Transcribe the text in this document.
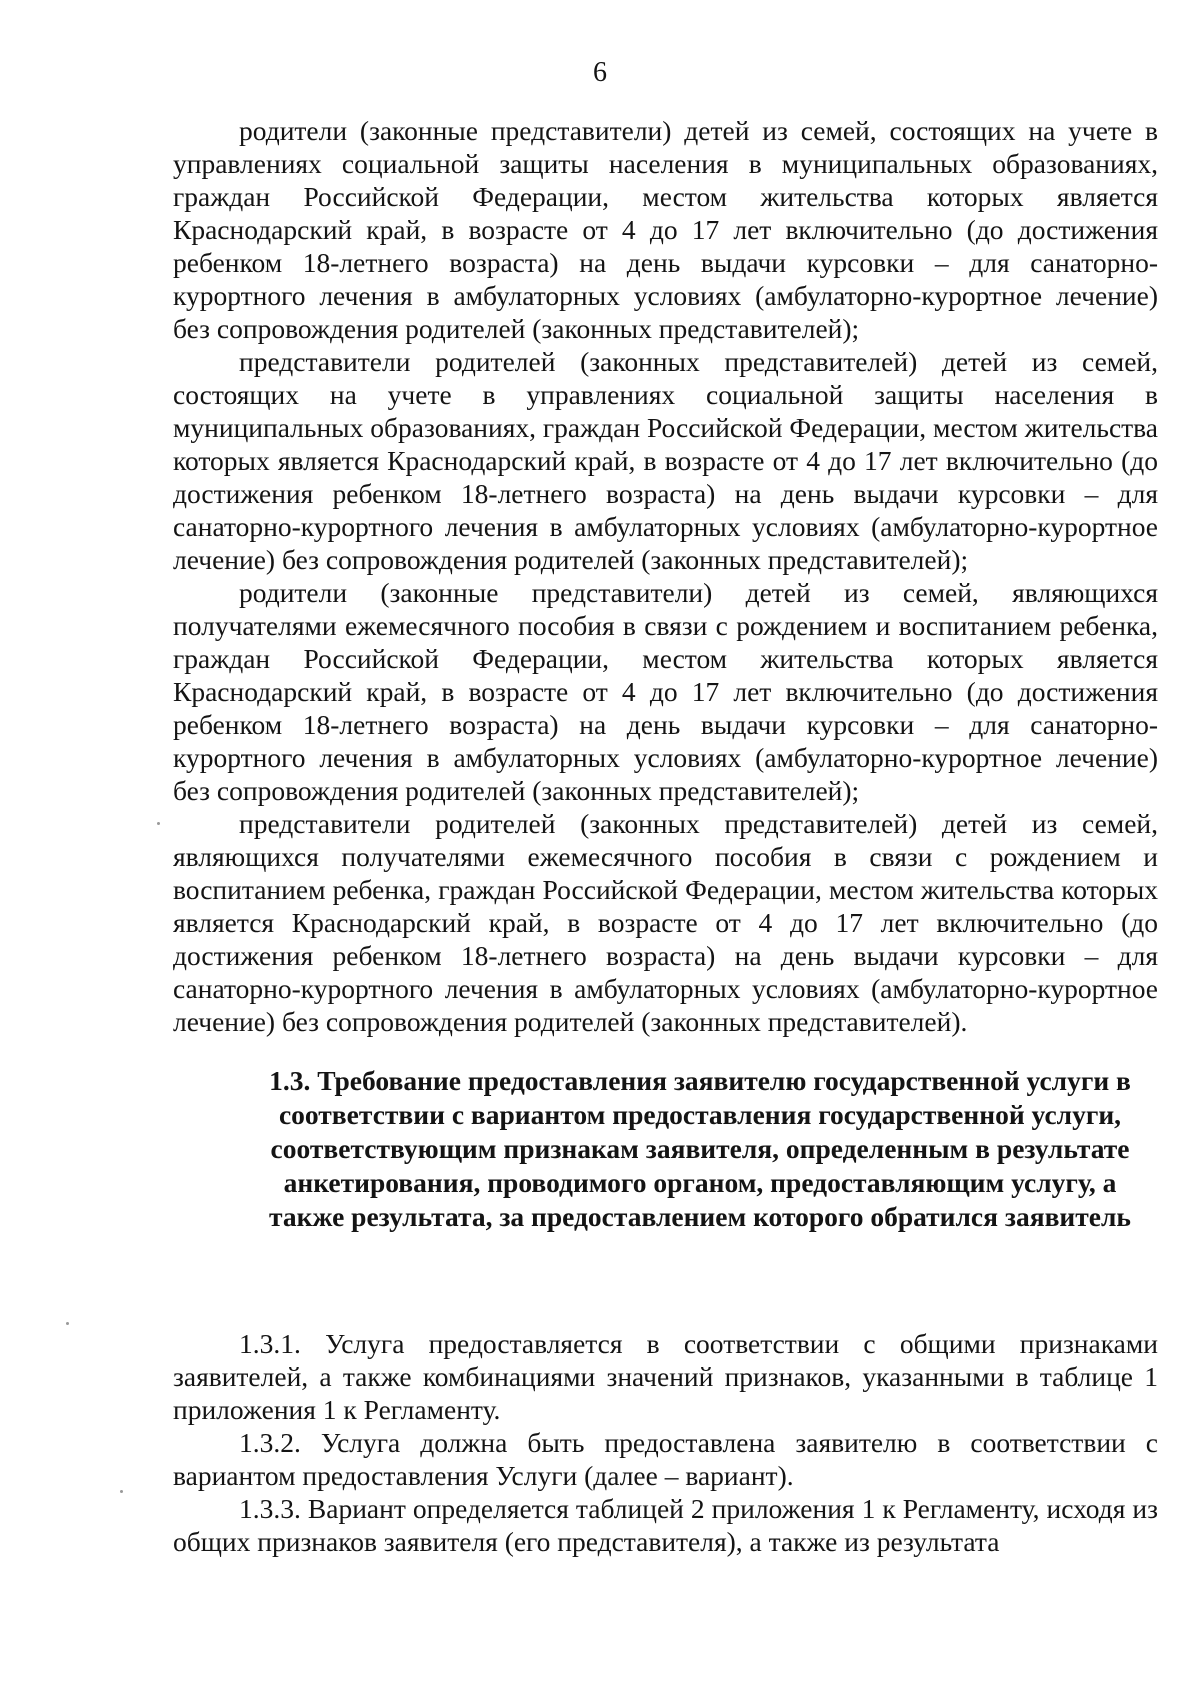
6

родители (законные представители) детей из семей, состоящих на учете в управлениях социальной защиты населения в муниципальных образованиях, граждан Российской Федерации, местом жительства которых является Краснодарский край, в возрасте от 4 до 17 лет включительно (до достижения ребенком 18-летнего возраста) на день выдачи курсовки – для санаторно-курортного лечения в амбулаторных условиях (амбулаторно-курортное лечение) без сопровождения родителей (законных представителей);

представители родителей (законных представителей) детей из семей, состоящих на учете в управлениях социальной защиты населения в муниципальных образованиях, граждан Российской Федерации, местом жительства которых является Краснодарский край, в возрасте от 4 до 17 лет включительно (до достижения ребенком 18-летнего возраста) на день выдачи курсовки – для санаторно-курортного лечения в амбулаторных условиях (амбулаторно-курортное лечение) без сопровождения родителей (законных представителей);

родители (законные представители) детей из семей, являющихся получателями ежемесячного пособия в связи с рождением и воспитанием ребенка, граждан Российской Федерации, местом жительства которых является Краснодарский край, в возрасте от 4 до 17 лет включительно (до достижения ребенком 18-летнего возраста) на день выдачи курсовки – для санаторно-курортного лечения в амбулаторных условиях (амбулаторно-курортное лечение) без сопровождения родителей (законных представителей);

представители родителей (законных представителей) детей из семей, являющихся получателями ежемесячного пособия в связи с рождением и воспитанием ребенка, граждан Российской Федерации, местом жительства которых является Краснодарский край, в возрасте от 4 до 17 лет включительно (до достижения ребенком 18-летнего возраста) на день выдачи курсовки – для санаторно-курортного лечения в амбулаторных условиях (амбулаторно-курортное лечение) без сопровождения родителей (законных представителей).

1.3. Требование предоставления заявителю государственной услуги в соответствии с вариантом предоставления государственной услуги, соответствующим признакам заявителя, определенным в результате анкетирования, проводимого органом, предоставляющим услугу, а также результата, за предоставлением которого обратился заявитель

1.3.1. Услуга предоставляется в соответствии с общими признаками заявителей, а также комбинациями значений признаков, указанными в таблице 1 приложения 1 к Регламенту.

1.3.2. Услуга должна быть предоставлена заявителю в соответствии с вариантом предоставления Услуги (далее – вариант).

1.3.3. Вариант определяется таблицей 2 приложения 1 к Регламенту, исходя из общих признаков заявителя (его представителя), а также из результата
